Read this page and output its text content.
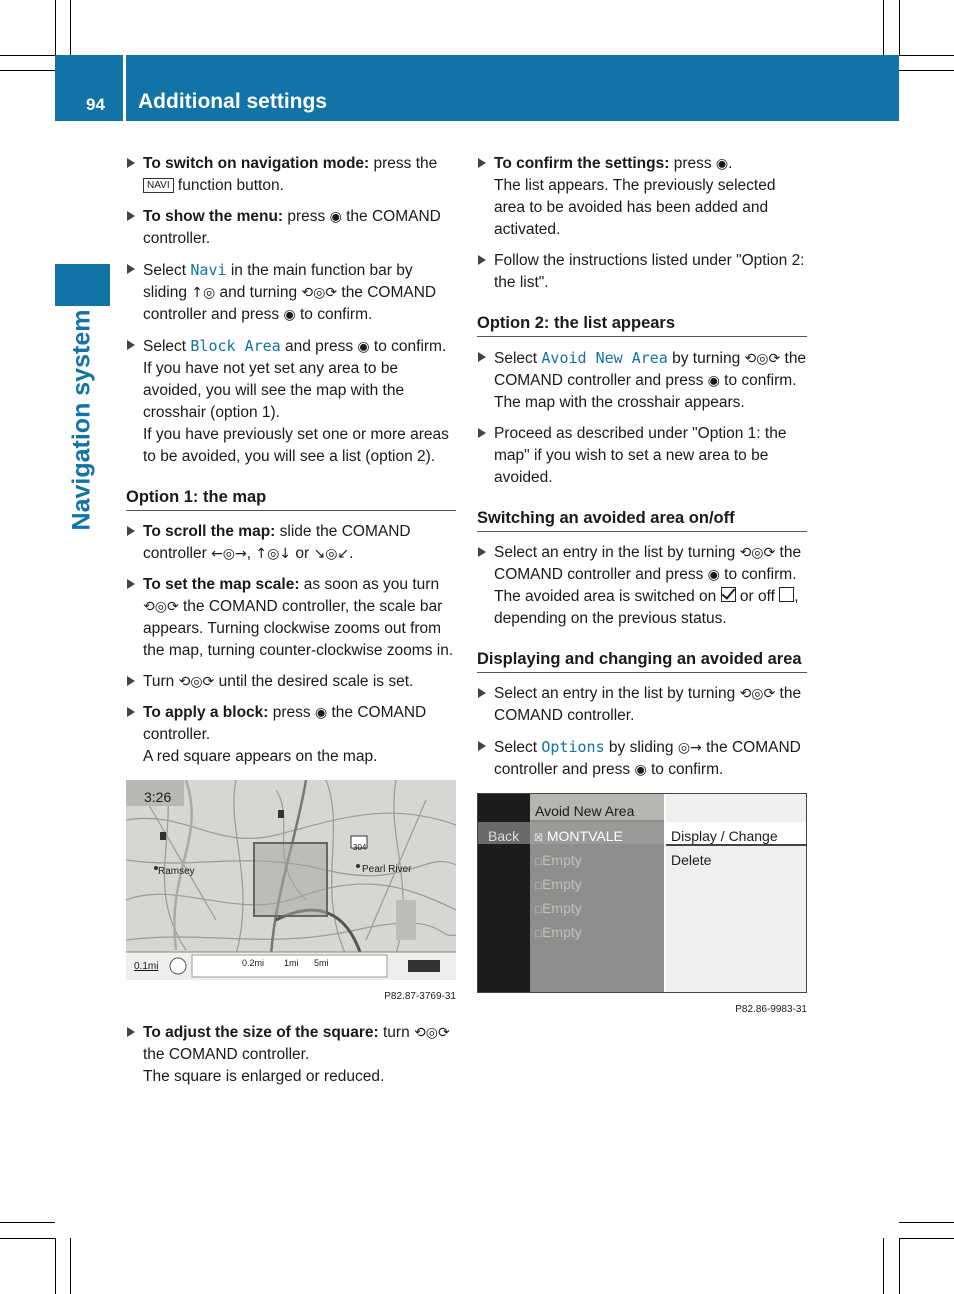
94 Additional settings
Navigation system

To switch on navigation mode: press the NAVI function button.

To show the menu: press ◉ the COMAND controller.

Select Navi in the main function bar by sliding ↑◎ and turning ⟲◎⟳ the COMAND controller and press ◉ to confirm.

Select Block Area and press ◉ to confirm.

If you have not yet set any area to be avoided, you will see the map with the crosshair (option 1).

If you have previously set one or more areas to be avoided, you will see a list (option 2).

Option 1: the map

To scroll the map: slide the COMAND controller ←◎→, ↑◎↓ or ↘◎↙.

To set the map scale: as soon as you turn ⟲◎⟳ the COMAND controller, the scale bar appears. Turning clockwise zooms out from the map, turning counter-clockwise zooms in.

Turn ⟲◎⟳ until the desired scale is set.

To apply a block: press ◉ the COMAND controller.

A red square appears on the map.

3:26
Ramsey	Pearl River
304
0.1mi	0.2mi 1mi 5mi
P82.87-3769-31

To adjust the size of the square: turn ⟲◎⟳ the COMAND controller.

The square is enlarged or reduced.

To confirm the settings: press ◉.

The list appears. The previously selected area to be avoided has been added and activated.

Follow the instructions listed under "Option 2: the list".

Option 2: the list appears

Select Avoid New Area by turning ⟲◎⟳ the COMAND controller and press ◉ to confirm.

The map with the crosshair appears.

Proceed as described under "Option 1: the map" if you wish to set a new area to be avoided.

Switching an avoided area on/off

Select an entry in the list by turning ⟲◎⟳ the COMAND controller and press ◉ to confirm.

The avoided area is switched on  or off , depending on the previous status.

Displaying and changing an avoided area

Select an entry in the list by turning ⟲◎⟳ the COMAND controller.

Select Options by sliding ◎→ the COMAND controller and press ◉ to confirm.

Avoid New Area
Back ☒ MONTVALE
☐Empty
☐Empty
☐Empty
☐Empty
Display / Change
Delete
P82.86-9983-31
